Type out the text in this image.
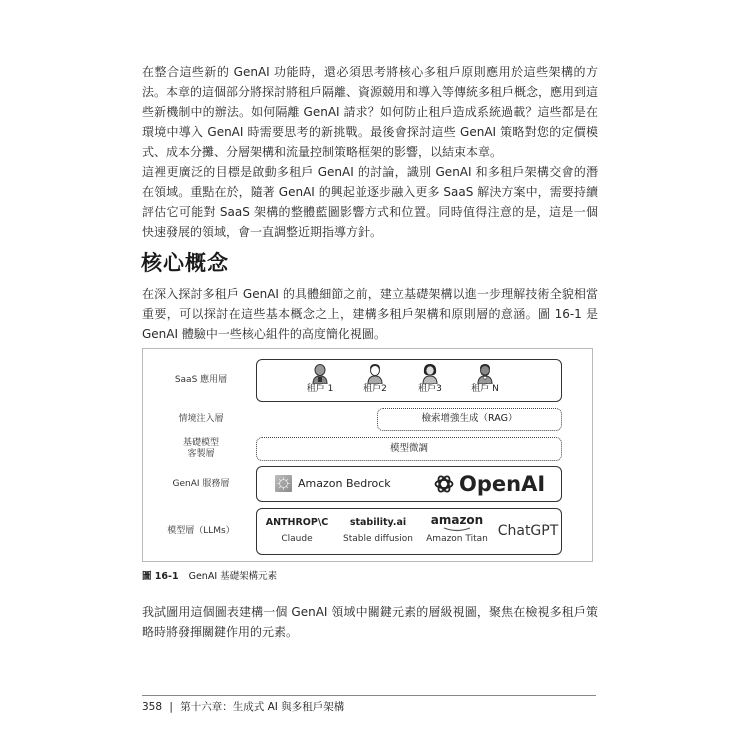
在整合這些新的 GenAI 功能時，還必須思考將核心多租戶原則應用於這些架構的方法。本章的這個部分將探討將租戶隔離、資源競用和導入等傳統多租戶概念，應用到這些新機制中的辦法。如何隔離 GenAI 請求？如何防止租戶造成系統過載？這些都是在環境中導入 GenAI 時需要思考的新挑戰。最後會探討這些 GenAI 策略對您的定價模式、成本分攤、分層架構和流量控制策略框架的影響，以結束本章。

這裡更廣泛的目標是啟動多租戶 GenAI 的討論，識別 GenAI 和多租戶架構交會的潛在領域。重點在於，隨著 GenAI 的興起並逐步融入更多 SaaS 解決方案中，需要持續評估它可能對 SaaS 架構的整體藍圖影響方式和位置。同時值得注意的是，這是一個快速發展的領域，會一直調整近期指導方針。

核心概念

在深入探討多租戶 GenAI 的具體細節之前，建立基礎架構以進一步理解技術全貌相當重要，可以探討在這些基本概念之上，建構多租戶架構和原則層的意涵。圖 16-1 是 GenAI 體驗中一些核心組件的高度簡化視圖。

SaaS 應用層
情境注入層
基礎模型
客製層
GenAI 服務層
模型層（LLMs）
租戶 1	租戶2	租戶3	租戶 N
檢索增強生成（RAG）
模型微調
Amazon Bedrock	OpenAI
ANTHROP\C
Claude
stability.ai
Stable diffusion
amazon
Amazon Titan ChatGPT
圖 16-1 GenAI 基礎架構元素

我試圖用這個圖表建構一個 GenAI 領域中關鍵元素的層級視圖，聚焦在檢視多租戶策略時將發揮關鍵作用的元素。

358 | 第十六章：生成式 AI 與多租戶架構
